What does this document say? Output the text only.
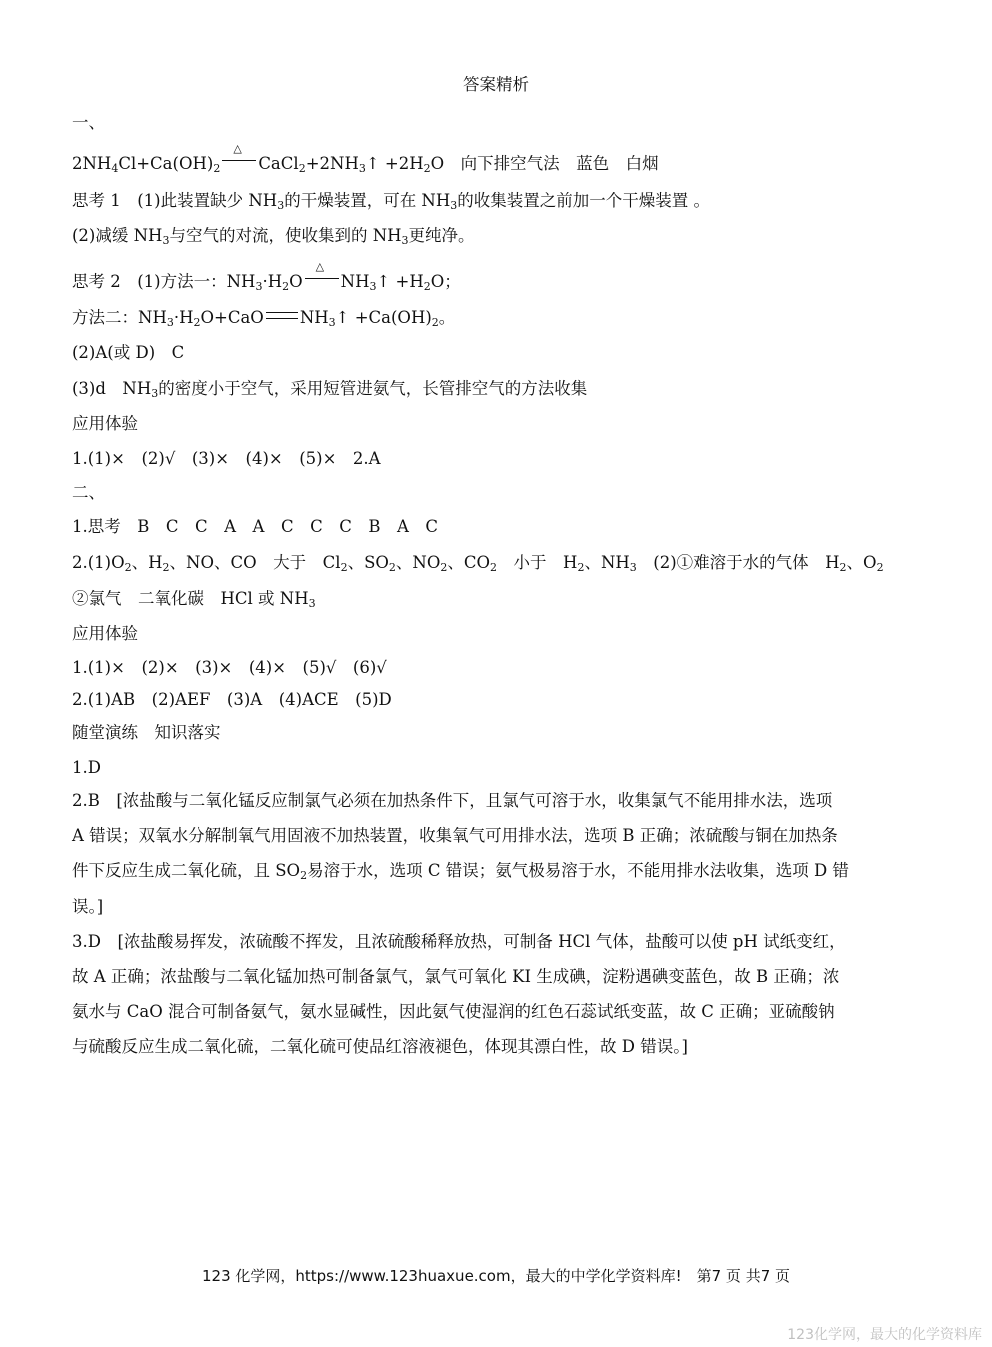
答案精析
一、
$2NH_4Cl+Ca(OH)_2$
△
$CaCl_2+2NH_3↑ +2H_2O$　向下排空气法　蓝色　白烟
思考 1　(1)此装置缺少 $NH_3$的干燥装置，可在 $NH_3$的收集装置之前加一个干燥装置 。
(2)减缓 $NH_3$与空气的对流，使收集到的 $NH_3$更纯净。
思考 2　(1)方法一：$NH_3\cdot H_2O$
△
$NH_3↑ +H_2O$；
方法二：$NH_3\cdot H_2O+CaO$ $NH_3↑ +Ca(OH)_2$。
(2)A(或 D)　C
(3)d　$NH_3$的密度小于空气，采用短管进氨气，长管排空气的方法收集
应用体验
1.(1)×　(2)√　(3)×　(4)×　(5)×　2.A
二、
1.思考　B　C　C　A　A　C　C　C　B　A　C
$2.(1)O_2$、$H_2$、NO、CO　大于　$Cl_2$、$SO_2$、$NO_2$、$CO_2$　小于　$H_2$、$NH_3$　(2)①难溶于水的气体　$H_2$、$O_2$
②氯气　二氧化碳　HCl 或 $NH_3$
应用体验
1.(1)×　(2)×　(3)×　(4)×　(5)√　(6)√
2.(1)AB　(2)AEF　(3)A　(4)ACE　(5)D
随堂演练　知识落实
1.D
2.B　[浓盐酸与二氧化锰反应制氯气必须在加热条件下，且氯气可溶于水，收集氯气不能用排水法，选项
A 错误；双氧水分解制氧气用固液不加热装置，收集氧气可用排水法，选项 B 正确；浓硫酸与铜在加热条
件下反应生成二氧化硫，且 $SO_2$易溶于水，选项 C 错误；氨气极易溶于水，不能用排水法收集，选项 D 错
误。]
3.D　[浓盐酸易挥发，浓硫酸不挥发，且浓硫酸稀释放热，可制备 HCl 气体，盐酸可以使 pH 试纸变红，
故 A 正确；浓盐酸与二氧化锰加热可制备氯气，氯气可氧化 KI 生成碘，淀粉遇碘变蓝色，故 B 正确；浓
氨水与 CaO 混合可制备氨气，氨水显碱性，因此氨气使湿润的红色石蕊试纸变蓝，故 C 正确；亚硫酸钠
与硫酸反应生成二氧化硫，二氧化硫可使品红溶液褪色，体现其漂白性，故 D 错误。]
123 化学网，https://www.123huaxue.com，最大的中学化学资料库!　第7 页 共7 页
123化学网，最大的化学资料库
